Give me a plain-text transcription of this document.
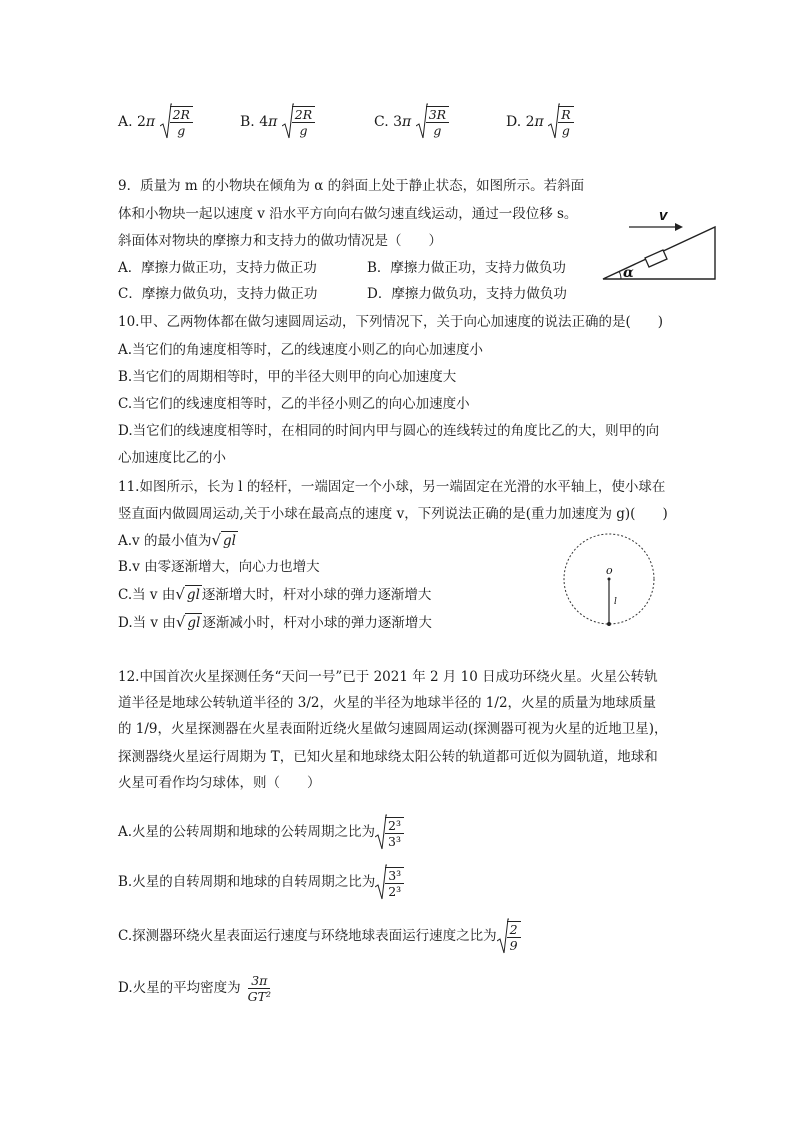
A. $2\pi \frac{2R}{g}$	B. $4\pi \frac{2R}{g}$	C. $3\pi \frac{3R}{g}$	D. $2\pi \frac{R}{g}$
9．质量为 m 的小物块在倾角为 α 的斜面上处于静止状态，如图所示。若斜面
体和小物块一起以速度 v 沿水平方向向右做匀速直线运动，通过一段位移 s。
斜面体对物块的摩擦力和支持力的做功情况是（　　）
A．摩擦力做正功，支持力做正功	B．摩擦力做正功，支持力做负功
C．摩擦力做负功，支持力做正功	D．摩擦力做负功，支持力做负功
v
α
10.甲、乙两物体都在做匀速圆周运动，下列情况下，关于向心加速度的说法正确的是(　　)
A.当它们的角速度相等时，乙的线速度小则乙的向心加速度小
B.当它们的周期相等时，甲的半径大则甲的向心加速度大
C.当它们的线速度相等时，乙的半径小则乙的向心加速度小
D.当它们的线速度相等时，在相同的时间内甲与圆心的连线转过的角度比乙的大，则甲的向
心加速度比乙的小
11.如图所示，长为 l 的轻杆，一端固定一个小球，另一端固定在光滑的水平轴上，使小球在
竖直面内做圆周运动,关于小球在最高点的速度 v，下列说法正确的是(重力加速度为 g)(　　)
A.v 的最小值为√ gl
B.v 由零逐渐增大，向心力也增大
C.当 v 由√ gl 逐渐增大时，杆对小球的弹力逐渐增大
D.当 v 由√ gl 逐渐减小时，杆对小球的弹力逐渐增大
o
l
12.中国首次火星探测任务“天问一号”已于 2021 年 2 月 10 日成功环绕火星。火星公转轨
道半径是地球公转轨道半径的 3/2，火星的半径为地球半径的 1/2，火星的质量为地球质量
的 1/9，火星探测器在火星表面附近绕火星做匀速圆周运动(探测器可视为火星的近地卫星)，
探测器绕火星运行周期为 T，已知火星和地球绕太阳公转的轨道都可近似为圆轨道，地球和
火星可看作均匀球体，则（　　）
A.火星的公转周期和地球的公转周期之比为 $\frac{\text{2³}}{\text{3³}}$
B.火星的自转周期和地球的自转周期之比为 $\frac{\text{3³}}{\text{2³}}$
C.探测器环绕火星表面运行速度与环绕地球表面运行速度之比为 $\frac{2}{9}$
D.火星的平均密度为 $\frac{3\pi}{\text{GT²}}$
